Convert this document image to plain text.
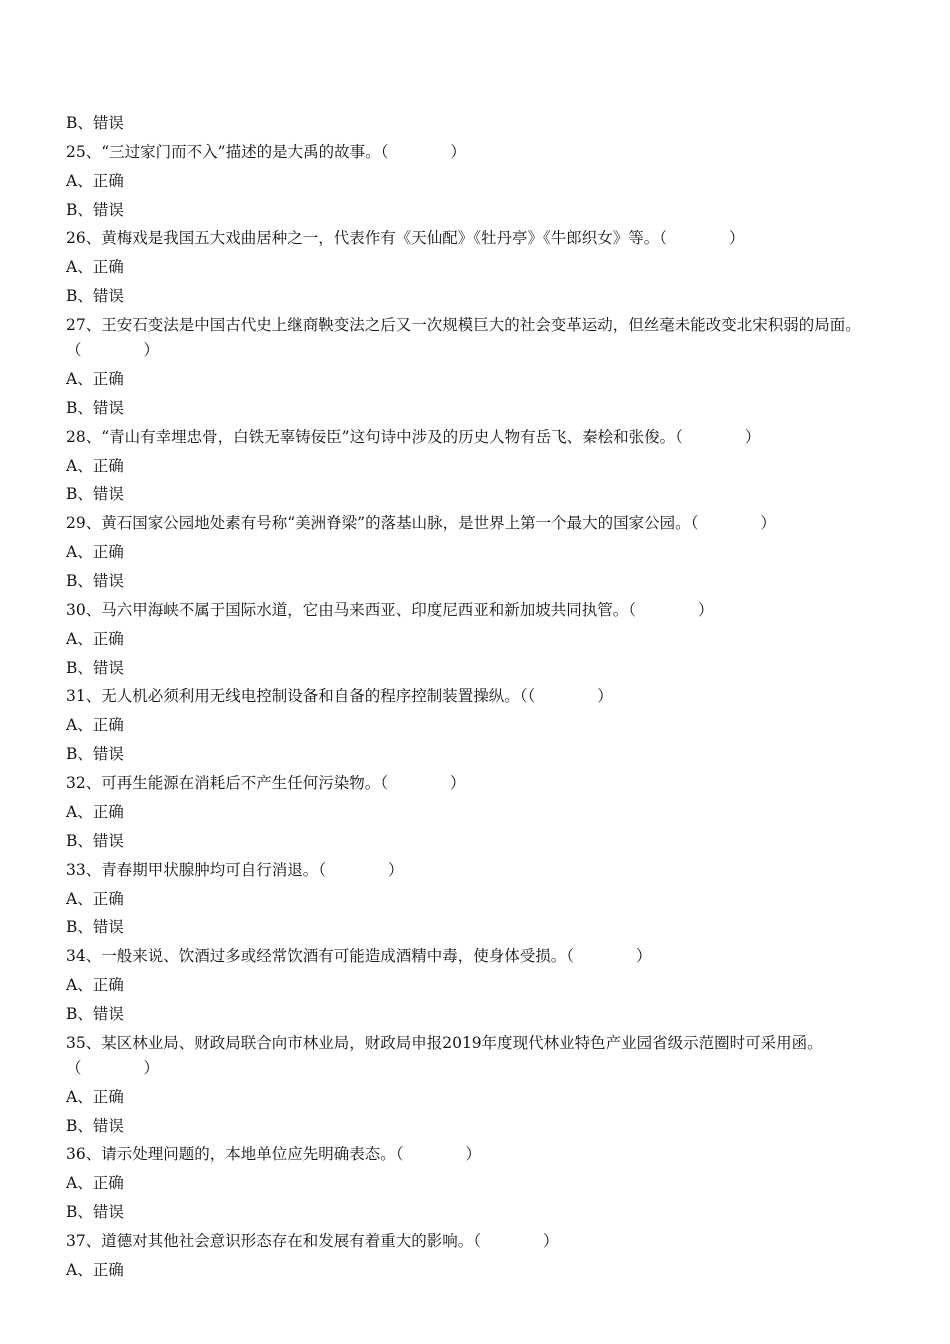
B、错误

25、“三过家门而不入”描述的是大禹的故事。（　　　　）

A、正确

B、错误

26、黄梅戏是我国五大戏曲居种之一，代表作有《天仙配》《牡丹亭》《牛郎织女》等。（　　　　）

A、正确

B、错误

27、王安石变法是中国古代史上继商鞅变法之后又一次规模巨大的社会变革运动，但丝毫未能改变北宋积弱的局面。（　　　　）

A、正确

B、错误

28、“青山有幸埋忠骨，白铁无辜铸佞臣”这句诗中涉及的历史人物有岳飞、秦桧和张俊。（　　　　）

A、正确

B、错误

29、黄石国家公园地处素有号称“美洲脊梁”的落基山脉，是世界上第一个最大的国家公园。（　　　　）

A、正确

B、错误

30、马六甲海峡不属于国际水道，它由马来西亚、印度尼西亚和新加坡共同执管。（　　　　）

A、正确

B、错误

31、无人机必须利用无线电控制设备和自备的程序控制装置操纵。（（　　　　）

A、正确

B、错误

32、可再生能源在消耗后不产生任何污染物。（　　　　）

A、正确

B、错误

33、青春期甲状腺肿均可自行消退。（　　　　）

A、正确

B、错误

34、一般来说、饮酒过多或经常饮酒有可能造成酒精中毒，使身体受损。（　　　　）

A、正确

B、错误

35、某区林业局、财政局联合向市林业局，财政局申报2019年度现代林业特色产业园省级示范圈时可采用函。（　　　　）

A、正确

B、错误

36、请示处理问题的，本地单位应先明确表态。（　　　　）

A、正确

B、错误

37、道德对其他社会意识形态存在和发展有着重大的影响。（　　　　）

A、正确
